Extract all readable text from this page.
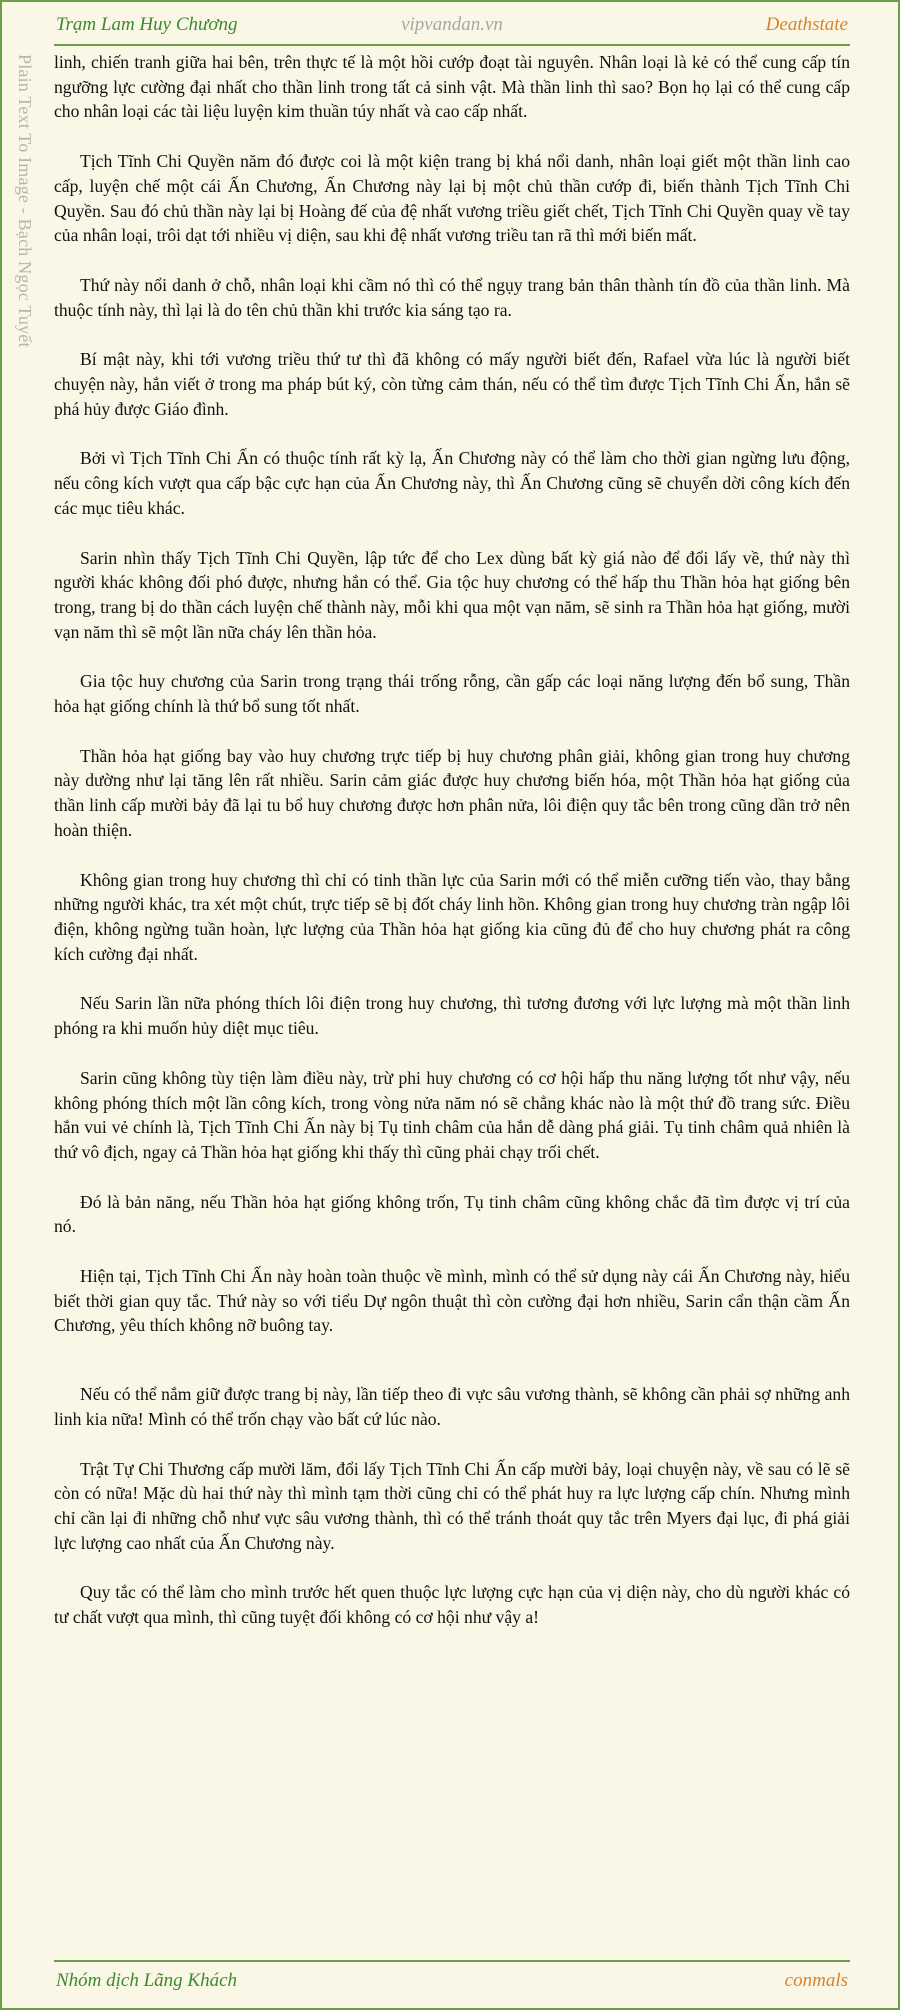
Trạm Lam Huy Chương	vipvandan.vn	Deathstate
Plain Text To Image - Bạch Ngọc Tuyết linh, chiến tranh giữa hai bên, trên thực tế là một hồi cướp đoạt tài nguyên. Nhân loại là kẻ có thể cung cấp tín ngưỡng lực cường đại nhất cho thần linh trong tất cả sinh vật. Mà thần linh thì sao? Bọn họ lại có thể cung cấp cho nhân loại các tài liệu luyện kim thuần túy nhất và cao cấp nhất.

Tịch Tĩnh Chi Quyền năm đó được coi là một kiện trang bị khá nổi danh, nhân loại giết một thần linh cao cấp, luyện chế một cái Ấn Chương, Ấn Chương này lại bị một chủ thần cướp đi, biến thành Tịch Tĩnh Chi Quyền. Sau đó chủ thần này lại bị Hoàng đế của đệ nhất vương triều giết chết, Tịch Tĩnh Chi Quyền quay về tay của nhân loại, trôi dạt tới nhiều vị diện, sau khi đệ nhất vương triều tan rã thì mới biến mất.

Thứ này nổi danh ở chỗ, nhân loại khi cầm nó thì có thể ngụy trang bản thân thành tín đồ của thần linh. Mà thuộc tính này, thì lại là do tên chủ thần khi trước kia sáng tạo ra.

Bí mật này, khi tới vương triều thứ tư thì đã không có mấy người biết đến, Rafael vừa lúc là người biết chuyện này, hắn viết ở trong ma pháp bút ký, còn từng cảm thán, nếu có thể tìm được Tịch Tĩnh Chi Ấn, hắn sẽ phá hủy được Giáo đình.

Bởi vì Tịch Tĩnh Chi Ấn có thuộc tính rất kỳ lạ, Ấn Chương này có thể làm cho thời gian ngừng lưu động, nếu công kích vượt qua cấp bậc cực hạn của Ấn Chương này, thì Ấn Chương cũng sẽ chuyển dời công kích đến các mục tiêu khác.

Sarin nhìn thấy Tịch Tĩnh Chi Quyền, lập tức để cho Lex dùng bất kỳ giá nào để đổi lấy về, thứ này thì người khác không đối phó được, nhưng hắn có thể. Gia tộc huy chương có thể hấp thu Thần hỏa hạt giống bên trong, trang bị do thần cách luyện chế thành này, mỗi khi qua một vạn năm, sẽ sinh ra Thần hỏa hạt giống, mười vạn năm thì sẽ một lần nữa cháy lên thần hỏa.

Gia tộc huy chương của Sarin trong trạng thái trống rỗng, cần gấp các loại năng lượng đến bổ sung, Thần hỏa hạt giống chính là thứ bổ sung tốt nhất.

Thần hỏa hạt giống bay vào huy chương trực tiếp bị huy chương phân giải, không gian trong huy chương này dường như lại tăng lên rất nhiều. Sarin cảm giác được huy chương biến hóa, một Thần hỏa hạt giống của thần linh cấp mười bảy đã lại tu bổ huy chương được hơn phân nửa, lôi điện quy tắc bên trong cũng dần trở nên hoàn thiện.

Không gian trong huy chương thì chỉ có tinh thần lực của Sarin mới có thể miễn cưỡng tiến vào, thay bằng những người khác, tra xét một chút, trực tiếp sẽ bị đốt cháy linh hồn. Không gian trong huy chương tràn ngập lôi điện, không ngừng tuần hoàn, lực lượng của Thần hỏa hạt giống kia cũng đủ để cho huy chương phát ra công kích cường đại nhất.

Nếu Sarin lần nữa phóng thích lôi điện trong huy chương, thì tương đương với lực lượng mà một thần linh phóng ra khi muốn hủy diệt mục tiêu.

Sarin cũng không tùy tiện làm điều này, trừ phi huy chương có cơ hội hấp thu năng lượng tốt như vậy, nếu không phóng thích một lần công kích, trong vòng nửa năm nó sẽ chẳng khác nào là một thứ đồ trang sức. Điều hắn vui vẻ chính là, Tịch Tĩnh Chi Ấn này bị Tụ tinh châm của hắn dễ dàng phá giải. Tụ tinh châm quả nhiên là thứ vô địch, ngay cả Thần hỏa hạt giống khi thấy thì cũng phải chạy trối chết.

Đó là bản năng, nếu Thần hỏa hạt giống không trốn, Tụ tinh châm cũng không chắc đã tìm được vị trí của nó.

Hiện tại, Tịch Tĩnh Chi Ấn này hoàn toàn thuộc về mình, mình có thể sử dụng này cái Ấn Chương này, hiểu biết thời gian quy tắc. Thứ này so với tiểu Dự ngôn thuật thì còn cường đại hơn nhiều, Sarin cẩn thận cầm Ấn Chương, yêu thích không nỡ buông tay.

Nếu có thể nắm giữ được trang bị này, lần tiếp theo đi vực sâu vương thành, sẽ không cần phải sợ những anh linh kia nữa! Mình có thể trốn chạy vào bất cứ lúc nào.

Trật Tự Chi Thương cấp mười lăm, đổi lấy Tịch Tĩnh Chi Ấn cấp mười bảy, loại chuyện này, về sau có lẽ sẽ còn có nữa! Mặc dù hai thứ này thì mình tạm thời cũng chỉ có thể phát huy ra lực lượng cấp chín. Nhưng mình chỉ cần lại đi những chỗ như vực sâu vương thành, thì có thể tránh thoát quy tắc trên Myers đại lục, đi phá giải lực lượng cao nhất của Ấn Chương này.

Quy tắc có thể làm cho mình trước hết quen thuộc lực lượng cực hạn của vị diện này, cho dù người khác có tư chất vượt qua mình, thì cũng tuyệt đối không có cơ hội như vậy a!

Nhóm dịch Lãng Khách	conmals
